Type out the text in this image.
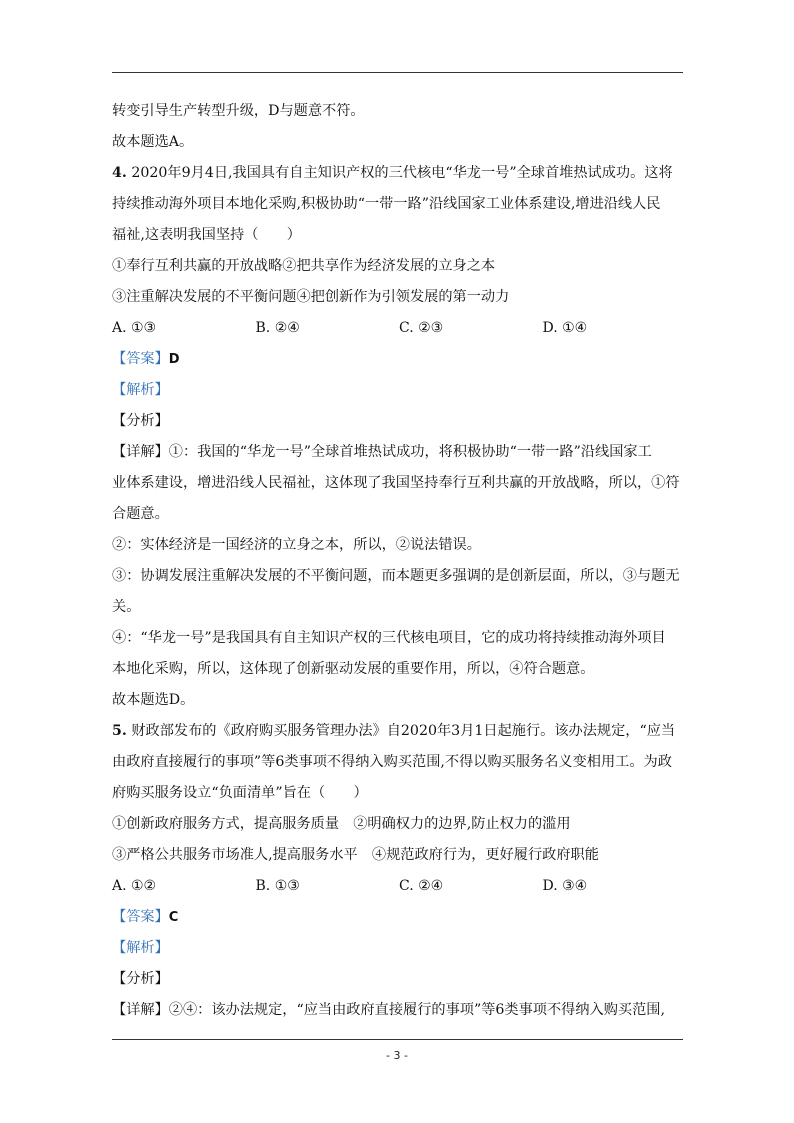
转变引导生产转型升级，D与题意不符。
故本题选A。
4. 2020年9月4日,我国具有自主知识产权的三代核电“华龙一号”全球首堆热试成功。这将
持续推动海外项目本地化采购,积极协助“一带一路”沿线国家工业体系建设,增进沿线人民
福祉,这表明我国坚持（　　）
①奉行互利共赢的开放战略②把共享作为经济发展的立身之本
③注重解决发展的不平衡问题④把创新作为引领发展的第一动力
A. ①③	B. ②④	C. ②③	D. ①④
【答案】D
【解析】
【分析】
【详解】①：我国的“华龙一号”全球首堆热试成功，将积极协助“一带一路”沿线国家工
业体系建设，增进沿线人民福祉，这体现了我国坚持奉行互利共赢的开放战略，所以，①符
合题意。
②：实体经济是一国经济的立身之本，所以，②说法错误。
③：协调发展注重解决发展的不平衡问题，而本题更多强调的是创新层面，所以，③与题无
关。
④：“华龙一号”是我国具有自主知识产权的三代核电项目，它的成功将持续推动海外项目
本地化采购，所以，这体现了创新驱动发展的重要作用，所以，④符合题意。
故本题选D。
5. 财政部发布的《政府购买服务管理办法》自2020年3月1日起施行。该办法规定，“应当
由政府直接履行的事项”等6类事项不得纳入购买范围,不得以购买服务名义变相用工。为政
府购买服务设立“负面清单”旨在（　　）
①创新政府服务方式，提高服务质量　②明确权力的边界,防止权力的滥用
③严格公共服务市场准人,提高服务水平　④规范政府行为，更好履行政府职能
A. ①②	B. ①③	C. ②④	D. ③④
【答案】C
【解析】
【分析】
【详解】②④：该办法规定，“应当由政府直接履行的事项”等6类事项不得纳入购买范围,
- 3 -
